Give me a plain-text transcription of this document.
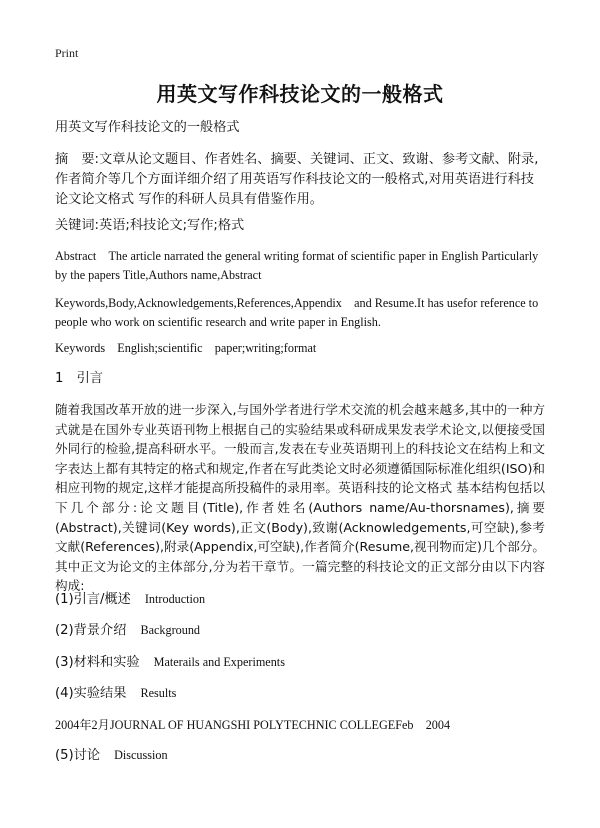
Print
用英文写作科技论文的一般格式
用英文写作科技论文的一般格式
摘　要:文章从论文题目、作者姓名、摘要、关键词、正文、致谢、参考文献、附录,作者简介等几个方面详细介绍了用英语写作科技论文的一般格式,对用英语进行科技论文论文格式 写作的科研人员具有借鉴作用。
关键词:英语;科技论文;写作;格式
Abstract　The article narrated the general writing format of scientific paper in English Particularly by the papers Title,Authors name,Abstract
Keywords,Body,Acknowledgements,References,Appendix　and Resume.It has usefor reference to people who work on scientific research and write paper in English.
Keywords　English;scientific　paper;writing;format
1　引言
随着我国改革开放的进一步深入,与国外学者进行学术交流的机会越来越多,其中的一种方式就是在国外专业英语刊物上根据自己的实验结果或科研成果发表学术论文,以便接受国外同行的检验,提高科研水平。一般而言,发表在专业英语期刊上的科技论文在结构上和文字表达上都有其特定的格式和规定,作者在写此类论文时必须遵循国际标准化组织(ISO)和相应刊物的规定,这样才能提高所投稿件的录用率。英语科技的论文格式 基本结构包括以下几个部分:论文题目(Title),作者姓名(Authors name/Au-thorsnames),摘要(Abstract),关键词(Key words),正文(Body),致谢(Acknowledgements,可空缺),参考文献(References),附录(Appendix,可空缺),作者简介(Resume,视刊物而定)几个部分。其中正文为论文的主体部分,分为若干章节。一篇完整的科技论文的正文部分由以下内容构成:
(1)引言/概述 Introduction
(2)背景介绍 Background
(3)材料和实验 Materails and Experiments
(4)实验结果 Results
2004年2月JOURNAL OF HUANGSHI POLYTECHNIC COLLEGEFeb　2004
(5)讨论 Discussion
